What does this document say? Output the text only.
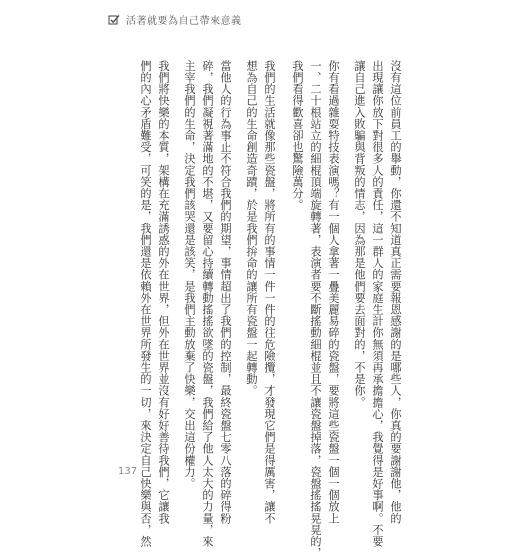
活著就要為自己帶來意義
沒有這位前員工的舉動，你還不知道真正需要報恩感謝的是哪些人，你真的要謝謝他，他的
出現讓你放下對很多人的責任，這一群人的家庭生計你無須再承擔擔心，我覺得是好事啊。不要
讓自己進入敗騙與背叛的情志，因為那是他們要去面對的，不是你。
你有看過雜耍特技表演嗎？有一個人拿著一疊美麗易碎的瓷盤，要將這些瓷盤一個一個放上
一、二十根站立的細棍頂端旋轉著，表演者要不斷搖動細棍並且不讓瓷盤掉落，瓷盤搖搖晃晃的，
我們看得歡喜卻也驚險萬分。
我們的生活就像那些瓷盤，將所有的事情一件一件的往危險攬，才發現它們是得厲害，讓不
想為自己的生命創造奇蹟，於是我們拚命的讓所有瓷盤一起轉動。
當他人的行為事止不符合我們的期望，事情超出了我們的控制，最終瓷盤七零八落的碎得粉
碎，我們凝視著滿地的不堪，又要留心持續轉動搖搖欲墜的瓷盤，我們給了他人太大的力量，來
主宰我們的生命，決定我們該哭還是該笑，是我們主動放棄了快樂，交出這份權力。
我們將快樂的本質，架構在充滿誘惑的外在世界，但外在世界並沒有好好善待我們，它讓我
們的內心矛盾難受，可笑的是，我們還是依賴外在世界所發生的一切，來決定自己快樂與否，然
137
